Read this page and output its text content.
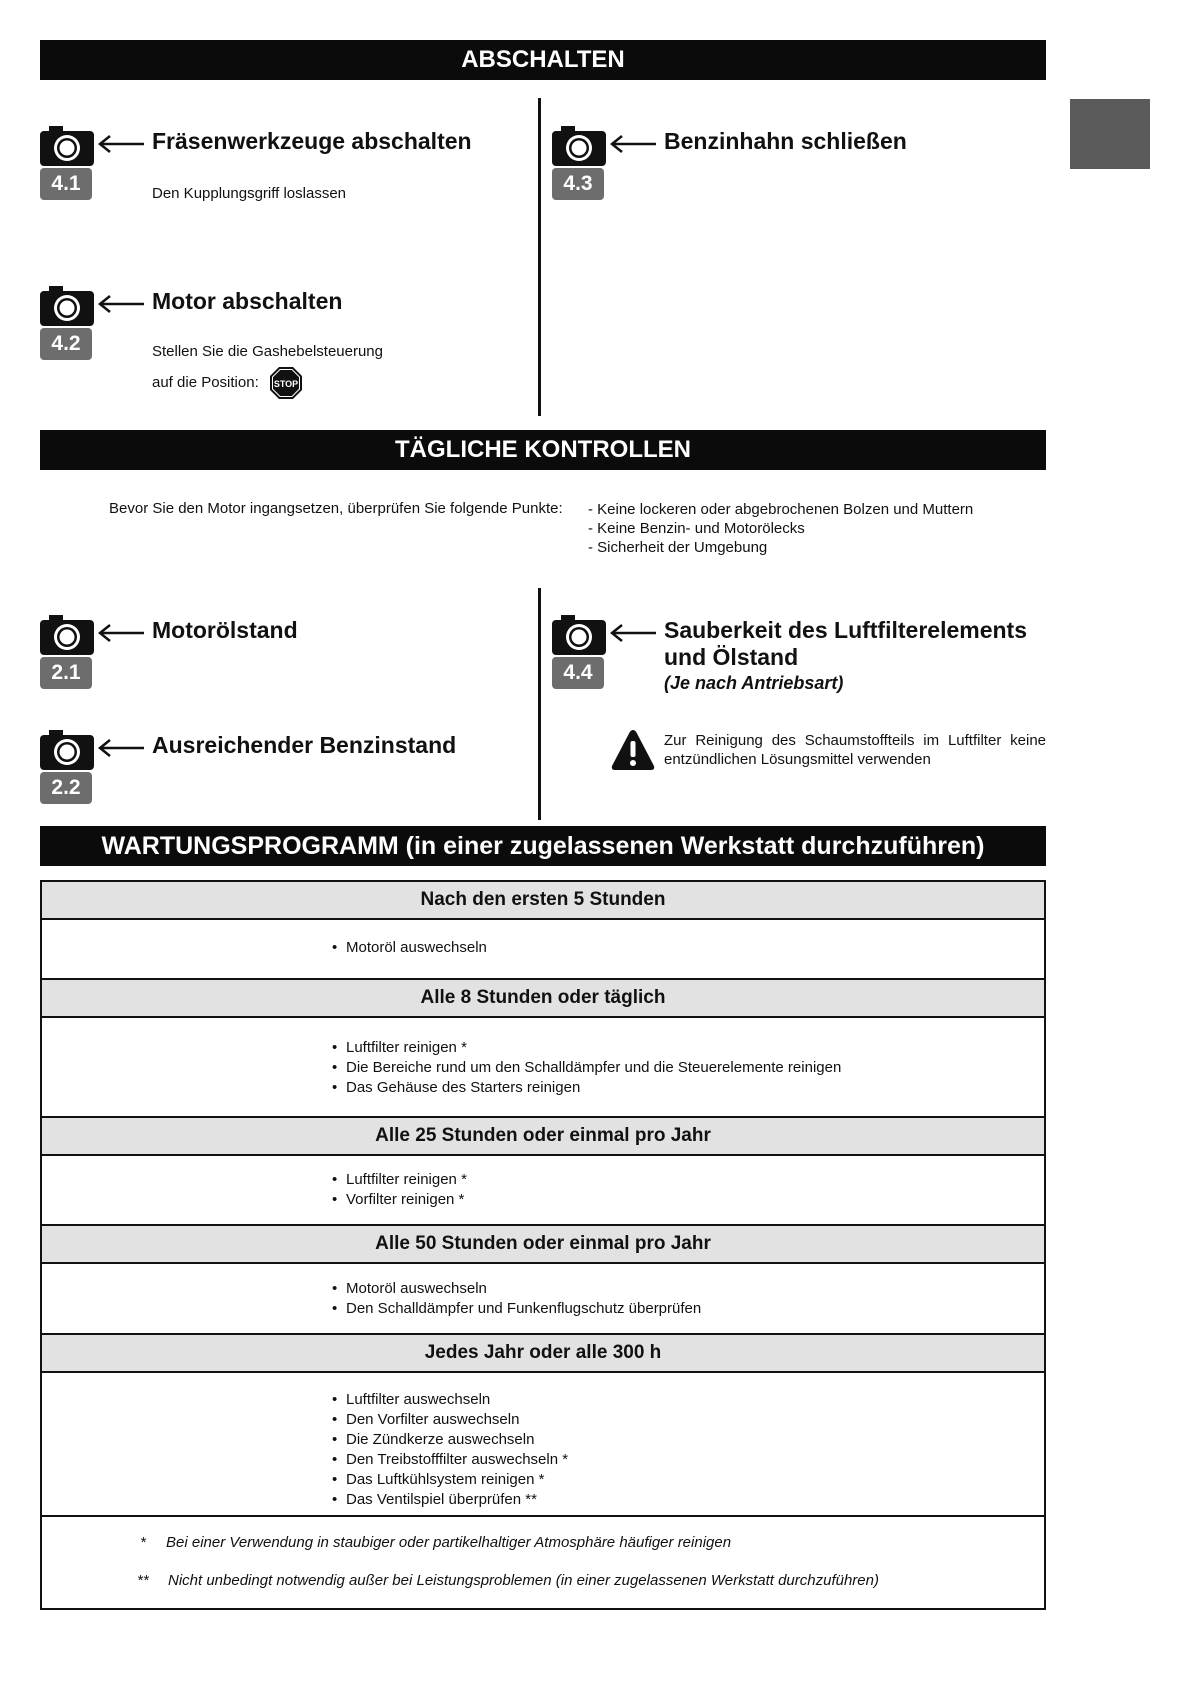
ABSCHALTEN
4.1
Fräsenwerkzeuge abschalten
Den Kupplungsgriff loslassen
4.2
Motor abschalten
Stellen Sie die Gashebelsteuerung
auf die Position: STOP
4.3
Benzinhahn schließen
TÄGLICHE KONTROLLEN
Bevor Sie den Motor ingangsetzen, überprüfen Sie folgende Punkte: - Keine lockeren oder abgebrochenen Bolzen und Muttern
- Keine Benzin- und Motorölecks
- Sicherheit der Umgebung
2.1
Motorölstand
2.2
Ausreichender Benzinstand
4.4
Sauberkeit des Luftfilterelements
und Ölstand
(Je nach Antriebsart)
Zur Reinigung des Schaumstoffteils im Luftfilter keine entzündlichen Lösungsmittel verwenden
WARTUNGSPROGRAMM (in einer zugelassenen Werkstatt durchzuführen)
Nach den ersten 5 Stunden
• Motoröl auswechseln
Alle 8 Stunden oder täglich
• Luftfilter reinigen *
• Die Bereiche rund um den Schalldämpfer und die Steuerelemente reinigen
• Das Gehäuse des Starters reinigen
Alle 25 Stunden oder einmal pro Jahr
• Luftfilter reinigen *
• Vorfilter reinigen *
Alle 50 Stunden oder einmal pro Jahr
• Motoröl auswechseln
• Den Schalldämpfer und Funkenflugschutz überprüfen
Jedes Jahr oder alle 300 h
• Luftfilter auswechseln
• Den Vorfilter auswechseln
• Die Zündkerze auswechseln
• Den Treibstofffilter auswechseln *
• Das Luftkühlsystem reinigen *
• Das Ventilspiel überprüfen **
* Bei einer Verwendung in staubiger oder partikelhaltiger Atmosphäre häufiger reinigen
** Nicht unbedingt notwendig außer bei Leistungsproblemen (in einer zugelassenen Werkstatt durchzuführen)
